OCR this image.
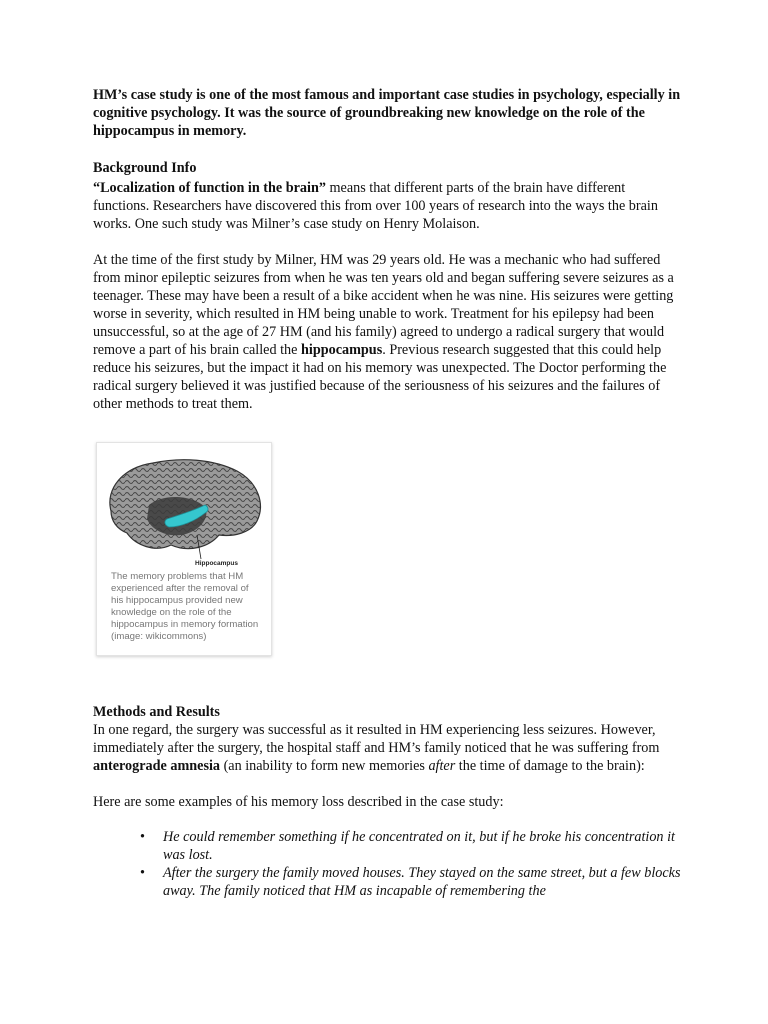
HM’s case study is one of the most famous and important case studies in psychology, especially in cognitive psychology. It was the source of groundbreaking new knowledge on the role of the hippocampus in memory.

Background Info

“Localization of function in the brain” means that different parts of the brain have different functions. Researchers have discovered this from over 100 years of research into the ways the brain works. One such study was Milner’s case study on Henry Molaison.

At the time of the first study by Milner, HM was 29 years old. He was a mechanic who had suffered from minor epileptic seizures from when he was ten years old and began suffering severe seizures as a teenager. These may have been a result of a bike accident when he was nine. His seizures were getting worse in severity, which resulted in HM being unable to work. Treatment for his epilepsy had been unsuccessful, so at the age of 27 HM (and his family) agreed to undergo a radical surgery that would remove a part of his brain called the hippocampus. Previous research suggested that this could help reduce his seizures, but the impact it had on his memory was unexpected. The Doctor performing the radical surgery believed it was justified because of the seriousness of his seizures and the failures of other methods to treat them.

Hippocampus
The memory problems that HM experienced after the removal of his hippocampus provided new knowledge on the role of the hippocampus in memory formation (image: wikicommons)

Methods and Results

In one regard, the surgery was successful as it resulted in HM experiencing less seizures. However, immediately after the surgery, the hospital staff and HM’s family noticed that he was suffering from anterograde amnesia (an inability to form new memories after the time of damage to the brain):

Here are some examples of his memory loss described in the case study:

• He could remember something if he concentrated on it, but if he broke his concentration it was lost.
• After the surgery the family moved houses. They stayed on the same street, but a few blocks away. The family noticed that HM as incapable of remembering the
